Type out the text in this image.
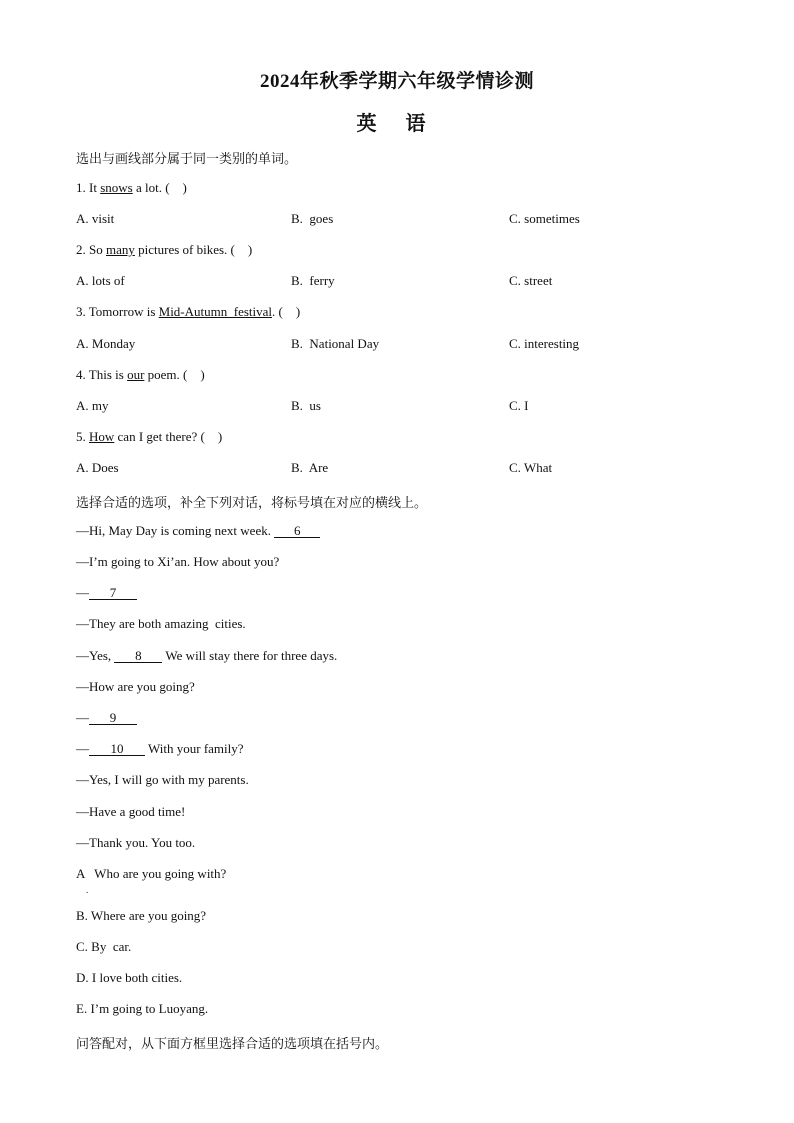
2024年秋季学期六年级学情诊测
英 语
选出与画线部分属于同一类别的单词。
1. It snows a lot. (    )
A. visit	B.  goes	C. sometimes
2. So many pictures of bikes. (    )
A. lots of	B.  ferry	C. street
3. Tomorrow is Mid-Autumn  festival. (    )
A. Monday	B.  National Day	C. interesting
4. This is our poem. (    )
A. my	B.  us	C. I
5. How can I get there? (    )
A. Does	B.  Are	C. What
选择合适的选项，补全下列对话，将标号填在对应的横线上。
—Hi, May Day is coming next week. 6
—I’m going to Xi’an. How about you?
— 7
—They are both amazing  cities.
—Yes, 8 We will stay there for three days.
—How are you going?
— 9
— 10 With your family?
—Yes, I will go with my parents.
—Have a good time!
—Thank you. You too.
A   Who are you going with?
.
B. Where are you going?
C. By  car.
D. I love both cities.
E. I’m going to Luoyang.
问答配对，从下面方框里选择合适的选项填在括号内。
